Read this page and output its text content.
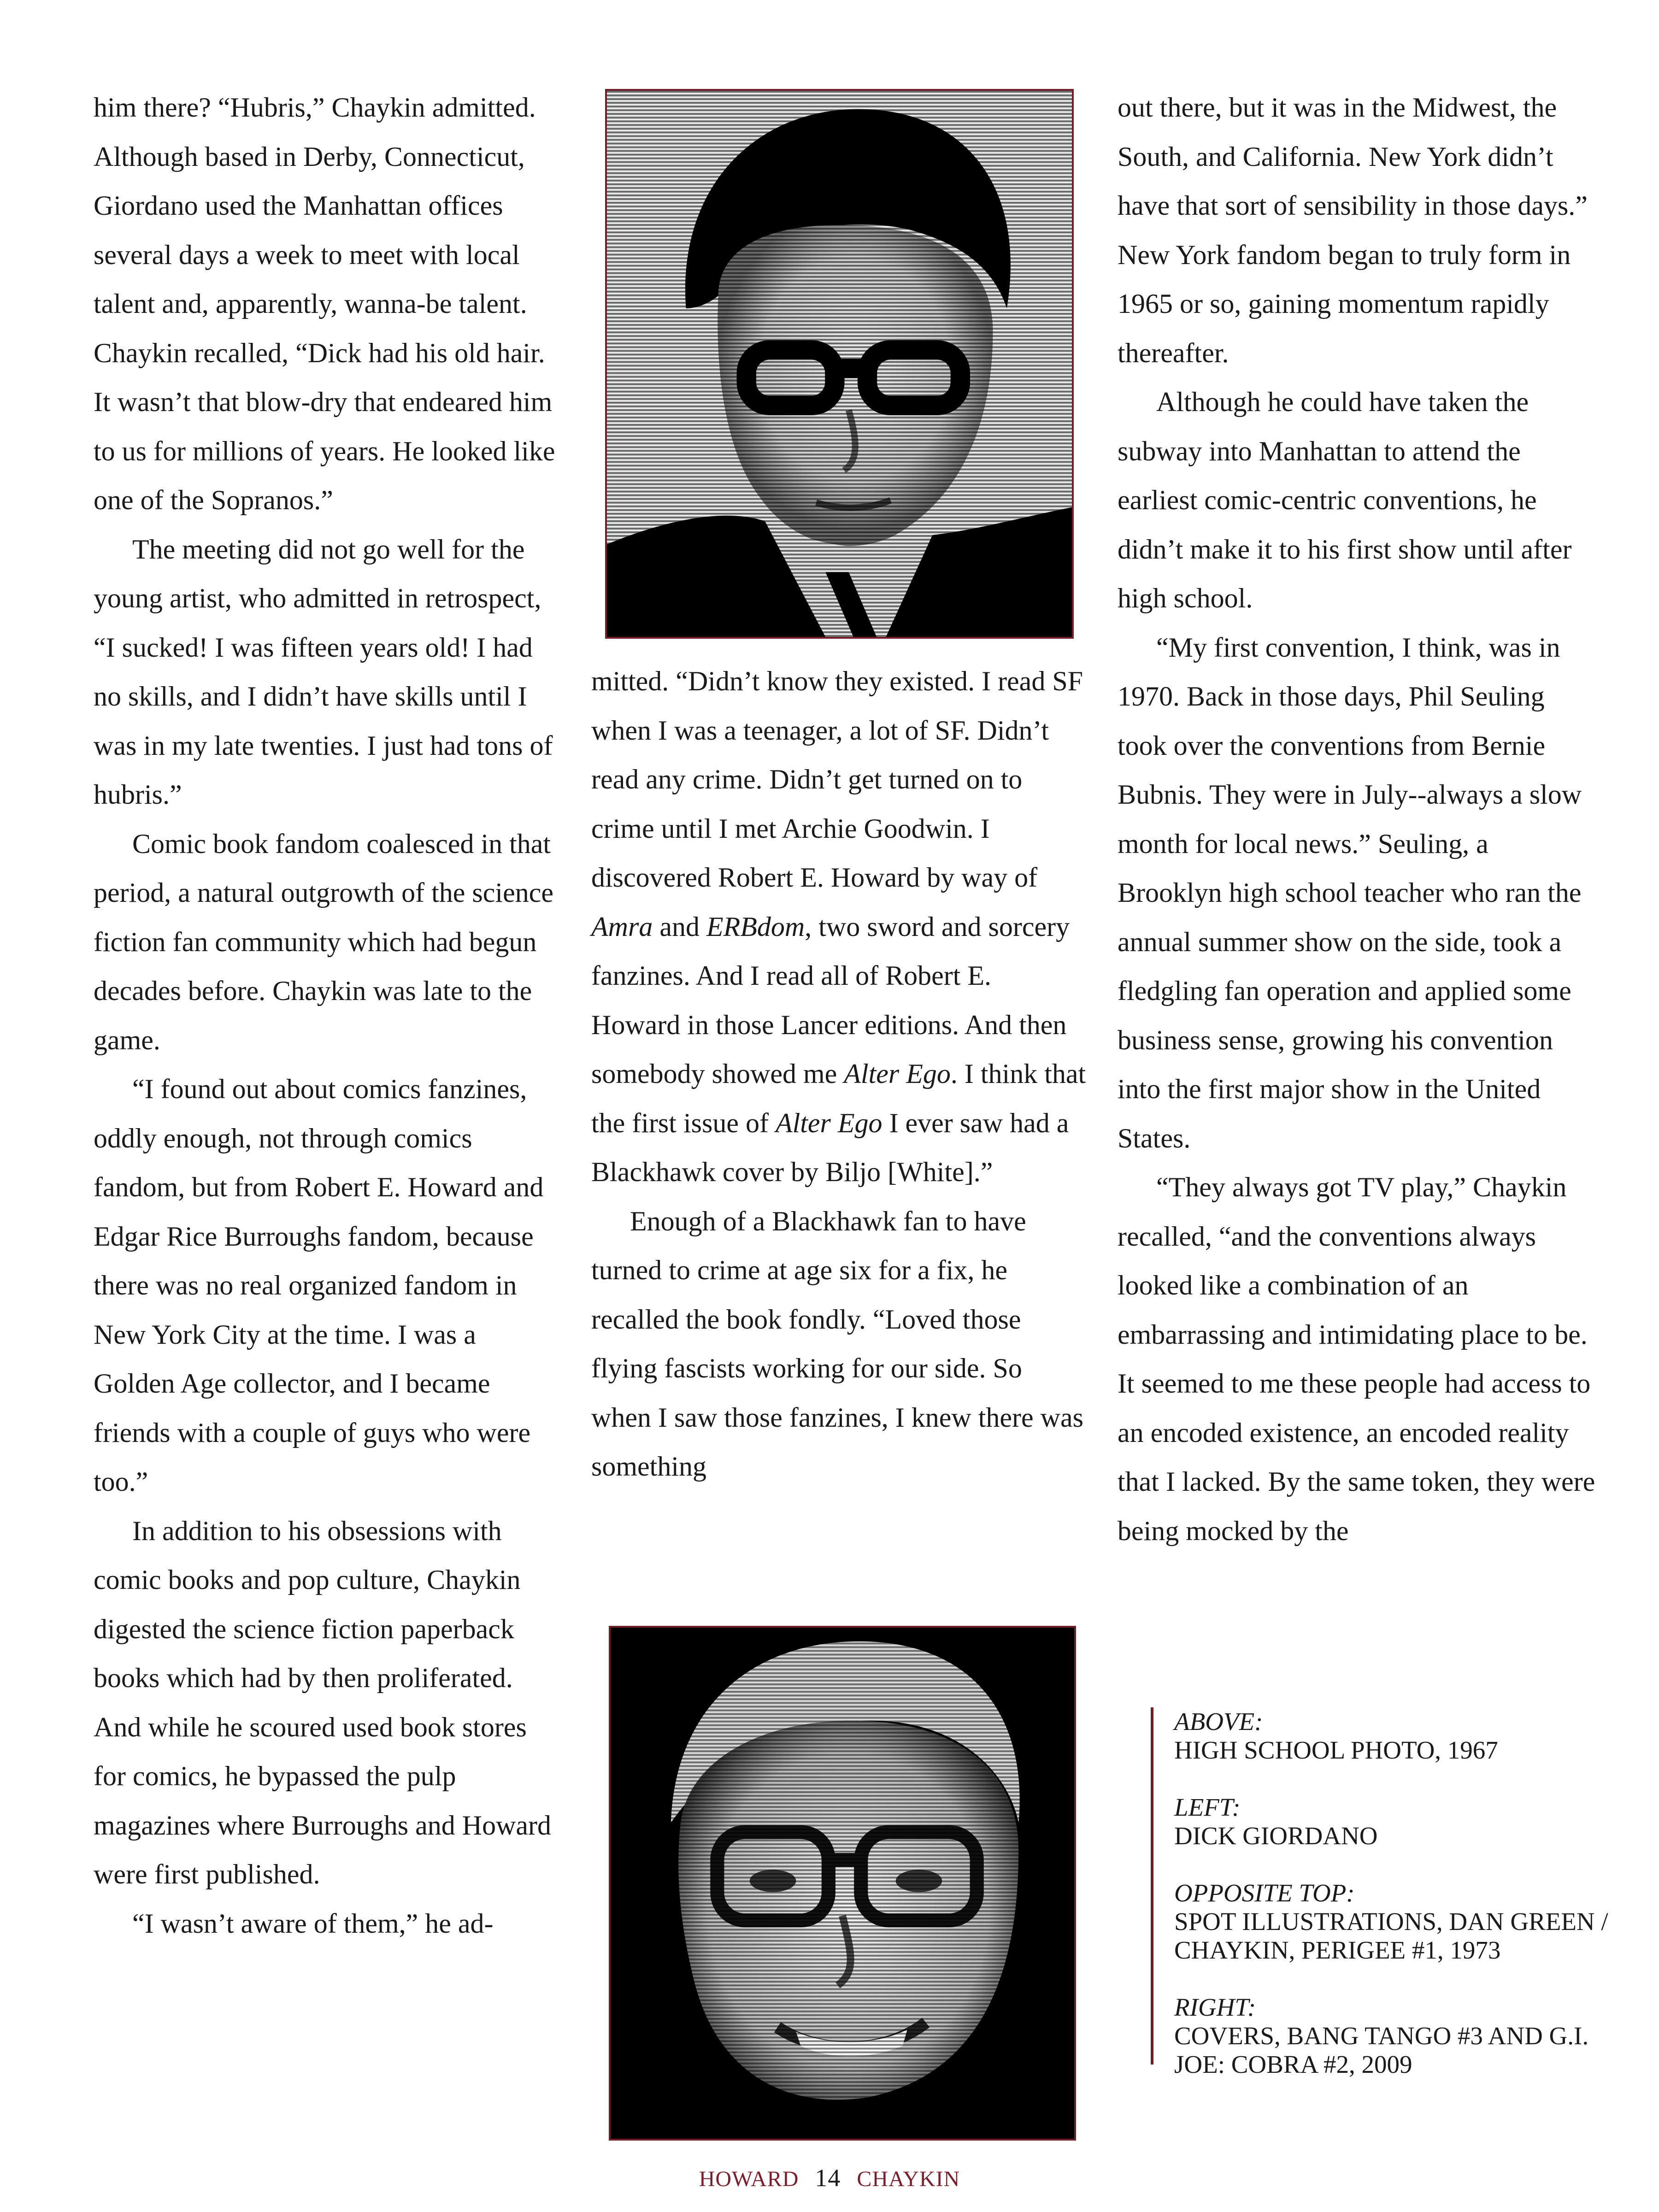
him there? “Hubris,” Chaykin admitted. Although based in Derby, Connecticut, Giordano used the Manhattan offices several days a week to meet with local talent and, apparently, wanna-be talent. Chaykin recalled, “Dick had his old hair. It wasn’t that blow-dry that endeared him to us for millions of years. He looked like one of the Sopranos.”

The meeting did not go well for the young artist, who admitted in retrospect, “I sucked! I was fifteen years old! I had no skills, and I didn’t have skills until I was in my late twenties. I just had tons of hubris.”

Comic book fandom coalesced in that period, a natural outgrowth of the science fiction fan community which had begun decades before. Chaykin was late to the game.

“I found out about comics fanzines, oddly enough, not through comics fandom, but from Robert E. Howard and Edgar Rice Burroughs fandom, because there was no real organized fandom in New York City at the time. I was a Golden Age collector, and I became friends with a couple of guys who were too.”

In addition to his obsessions with comic books and pop culture, Chaykin digested the science fiction paperback books which had by then proliferated. And while he scoured used book stores for comics, he bypassed the pulp magazines where Burroughs and Howard were first published.

“I wasn’t aware of them,” he ad-

mitted. “Didn’t know they existed. I read SF when I was a teenager, a lot of SF. Didn’t read any crime. Didn’t get turned on to crime until I met Archie Goodwin. I discovered Robert E. Howard by way of Amra and ERBdom, two sword and sorcery fanzines. And I read all of Robert E. Howard in those Lancer editions. And then somebody showed me Alter Ego. I think that the first issue of Alter Ego I ever saw had a Blackhawk cover by Biljo [White].”

Enough of a Blackhawk fan to have turned to crime at age six for a fix, he recalled the book fondly. “Loved those flying fascists working for our side. So when I saw those fanzines, I knew there was something

out there, but it was in the Midwest, the South, and California. New York didn’t have that sort of sensibility in those days.” New York fandom began to truly form in 1965 or so, gaining momentum rapidly thereafter.

Although he could have taken the subway into Manhattan to attend the earliest comic-centric conventions, he didn’t make it to his first show until after high school.

“My first convention, I think, was in 1970. Back in those days, Phil Seuling took over the conventions from Bernie Bubnis. They were in July--always a slow month for local news.” Seuling, a Brooklyn high school teacher who ran the annual summer show on the side, took a fledgling fan operation and applied some business sense, growing his convention into the first major show in the United States.

“They always got TV play,” Chaykin recalled, “and the conventions always looked like a combination of an embarrassing and intimidating place to be. It seemed to me these people had access to an encoded existence, an encoded reality that I lacked. By the same token, they were being mocked by the

ABOVE:
HIGH SCHOOL PHOTO, 1967
LEFT:
DICK GIORDANO
OPPOSITE TOP:
SPOT ILLUSTRATIONS, DAN GREEN / CHAYKIN, PERIGEE #1, 1973
RIGHT:
COVERS, BANG TANGO #3 AND G.I. JOE: COBRA #2, 2009
HOWARD 14 CHAYKIN
